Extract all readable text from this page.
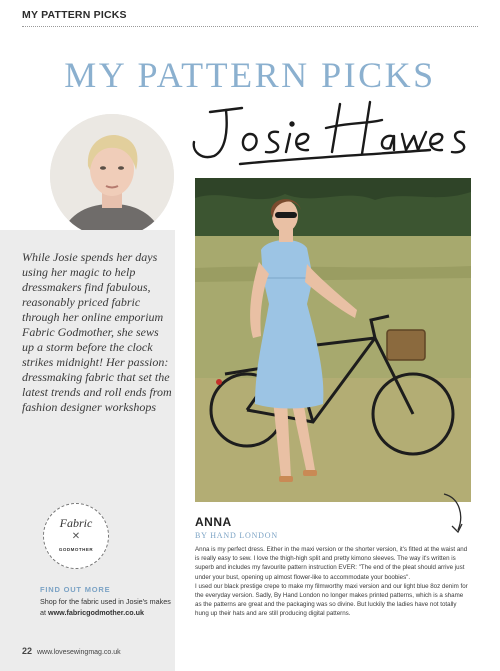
MY PATTERN PICKS
MY PATTERN PICKS
While Josie spends her days using her magic to help dressmakers find fabulous, reasonably priced fabric through her online emporium Fabric Godmother, she sews up a storm before the clock strikes midnight! Her passion: dressmaking fabric that set the latest trends and roll ends from fashion designer workshops
Fabric
✕
GODMOTHER
FIND OUT MORE
Shop for the fabric used in Josie's makes at www.fabricgodmother.co.uk
ANNA
BY HAND LONDON
Anna is my perfect dress. Either in the maxi version or the shorter version, it's fitted at the waist and is really easy to sew. I love the thigh-high split and pretty kimono sleeves. The way it's written is superb and includes my favourite pattern instruction EVER: "The end of the pleat should arrive just under your bust, opening up almost flower-like to accommodate your boobies".
I used our black prestige crepe to make my filmworthy maxi version and our light blue 8oz denim for the everyday version. Sadly, By Hand London no longer makes printed patterns, which is a shame as the patterns are great and the packaging was so divine. But luckily the ladies have not totally hung up their hats and are still producing digital patterns.
22 www.lovesewingmag.co.uk
